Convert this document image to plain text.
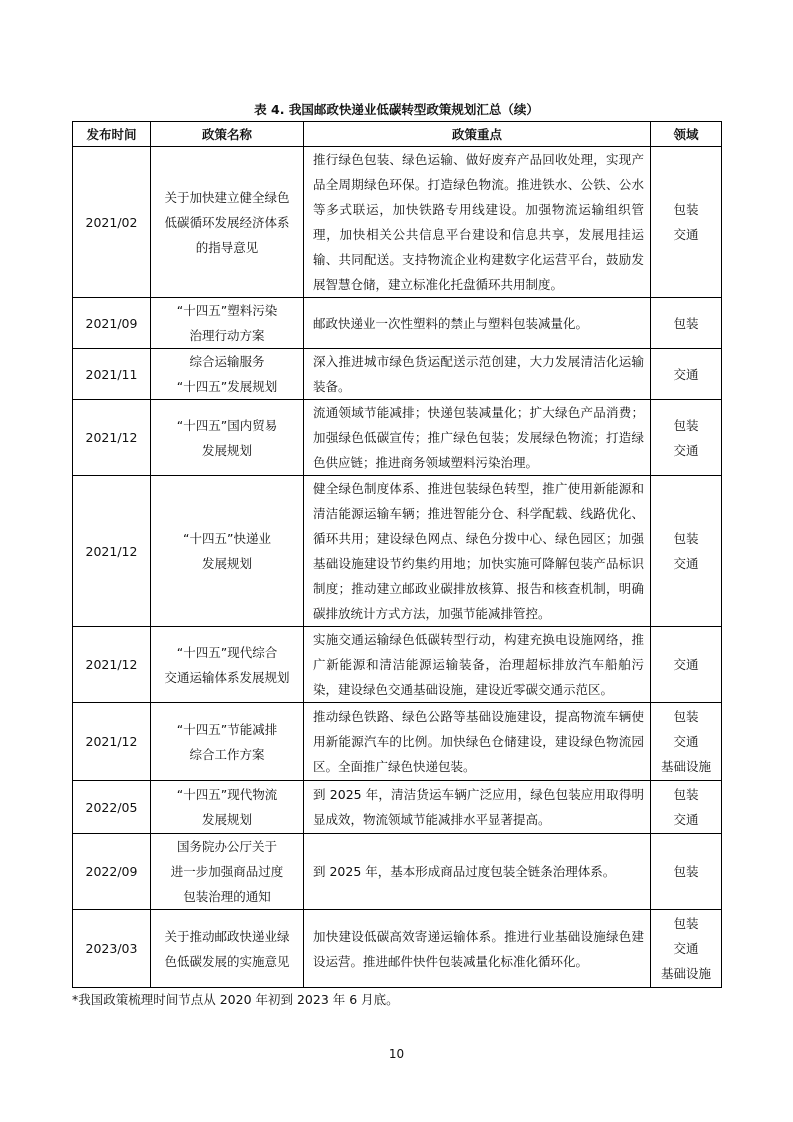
表 4. 我国邮政快递业低碳转型政策规划汇总（续）
发布时间	政策名称	政策重点	领域
2021/02	关于加快建立健全绿色
低碳循环发展经济体系
的指导意见	推行绿色包装、绿色运输、做好废弃产品回收处理，实现产品全周期绿色环保。打造绿色物流。推进铁水、公铁、公水等多式联运，加快铁路专用线建设。加强物流运输组织管理，加快相关公共信息平台建设和信息共享，发展甩挂运输、共同配送。支持物流企业构建数字化运营平台，鼓励发展智慧仓储，建立标准化托盘循环共用制度。	包装
交通

2021/09	“十四五”塑料污染
治理行动方案	邮政快递业一次性塑料的禁止与塑料包装减量化。	包装

2021/11	综合运输服务
“十四五”发展规划	深入推进城市绿色货运配送示范创建，大力发展清洁化运输装备。	交通

2021/12	“十四五”国内贸易
发展规划	流通领域节能减排；快递包装减量化；扩大绿色产品消费；加强绿色低碳宣传；推广绿色包装；发展绿色物流；打造绿色供应链；推进商务领域塑料污染治理。	包装
交通

2021/12	“十四五”快递业
发展规划	健全绿色制度体系、推进包装绿色转型，推广使用新能源和清洁能源运输车辆；推进智能分仓、科学配载、线路优化、循环共用；建设绿色网点、绿色分拨中心、绿色园区；加强基础设施建设节约集约用地；加快实施可降解包装产品标识制度；推动建立邮政业碳排放核算、报告和核查机制，明确碳排放统计方式方法，加强节能减排管控。	包装
交通

2021/12	“十四五”现代综合
交通运输体系发展规划	实施交通运输绿色低碳转型行动，构建充换电设施网络，推广新能源和清洁能源运输装备，治理超标排放汽车船舶污染，建设绿色交通基础设施，建设近零碳交通示范区。	交通

2021/12	“十四五”节能减排
综合工作方案	推动绿色铁路、绿色公路等基础设施建设，提高物流车辆使用新能源汽车的比例。加快绿色仓储建设，建设绿色物流园区。全面推广绿色快递包装。	包装
交通
基础设施

2022/05	“十四五”现代物流
发展规划	到 2025 年，清洁货运车辆广泛应用，绿色包装应用取得明显成效，物流领域节能减排水平显著提高。	包装
交通

2022/09	国务院办公厅关于
进一步加强商品过度
包装治理的通知	到 2025 年，基本形成商品过度包装全链条治理体系。	包装

2023/03	关于推动邮政快递业绿
色低碳发展的实施意见	加快建设低碳高效寄递运输体系。推进行业基础设施绿色建设运营。推进邮件快件包装减量化标准化循环化。	包装
交通
基础设施
*我国政策梳理时间节点从 2020 年初到 2023 年 6 月底。
10
